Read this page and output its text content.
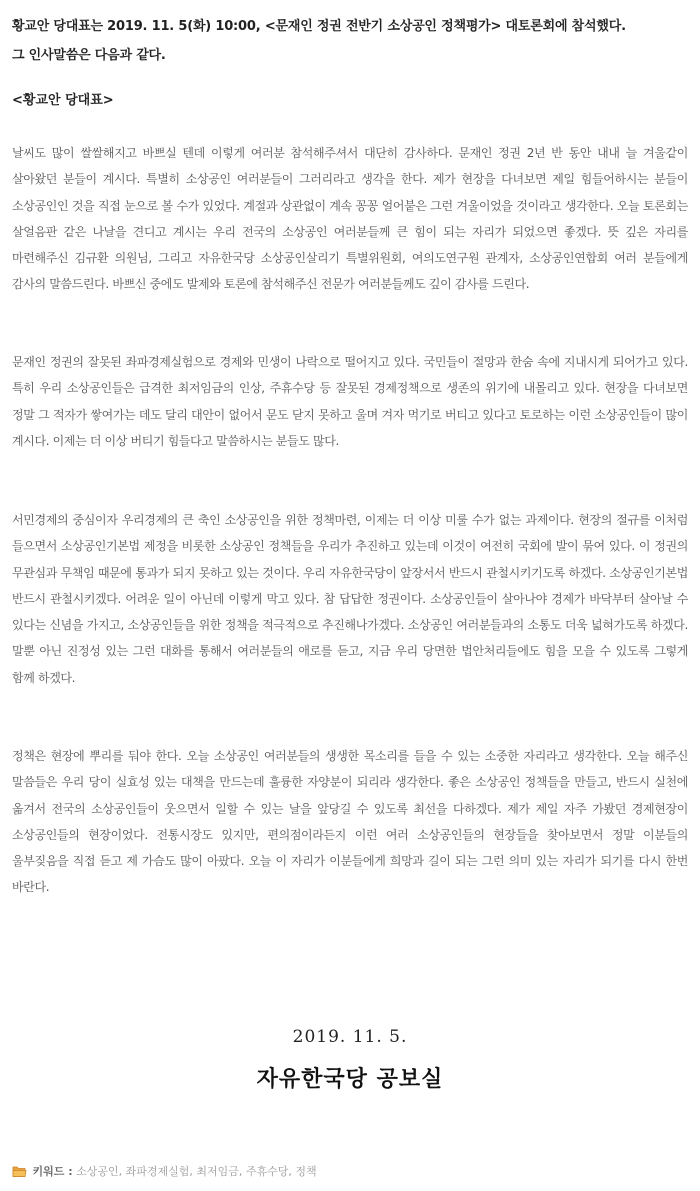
황교안 당대표는 2019. 11. 5(화) 10:00, <문재인 정권 전반기 소상공인 정책평가> 대토론회에 참석했다.

그 인사말씀은 다음과 같다.

<황교안 당대표>

날씨도 많이 쌀쌀해지고 바쁘실 텐데 이렇게 여러분 참석해주셔서 대단히 감사하다. 문재인 정권 2년 반 동안 내내 늘 겨울같이 살아왔던 분들이 계시다. 특별히 소상공인 여러분들이 그러리라고 생각을 한다. 제가 현장을 다녀보면 제일 힘들어하시는 분들이 소상공인인 것을 직접 눈으로 볼 수가 있었다. 계절과 상관없이 계속 꽁꽁 얼어붙은 그런 겨울이었을 것이라고 생각한다. 오늘 토론회는 살얼음판 같은 나날을 견디고 계시는 우리 전국의 소상공인 여러분들께 큰 힘이 되는 자리가 되었으면 좋겠다. 뜻 깊은 자리를 마련해주신 김규환 의원님, 그리고 자유한국당 소상공인살리기 특별위원회, 여의도연구원 관계자, 소상공인연합회 여러 분들에게 감사의 말씀드린다. 바쁘신 중에도 발제와 토론에 참석해주신 전문가 여러분들께도 깊이 감사를 드린다.

문재인 정권의 잘못된 좌파경제실험으로 경제와 민생이 나락으로 떨어지고 있다. 국민들이 절망과 한숨 속에 지내시게 되어가고 있다. 특히 우리 소상공인들은 급격한 최저임금의 인상, 주휴수당 등 잘못된 경제정책으로 생존의 위기에 내몰리고 있다. 현장을 다녀보면 정말 그 적자가 쌓여가는 데도 달리 대안이 없어서 문도 닫지 못하고 울며 겨자 먹기로 버티고 있다고 토로하는 이런 소상공인들이 많이 계시다. 이제는 더 이상 버티기 힘들다고 말씀하시는 분들도 많다.

서민경제의 중심이자 우리경제의 큰 축인 소상공인을 위한 정책마련, 이제는 더 이상 미룰 수가 없는 과제이다. 현장의 절규를 이처럼 들으면서 소상공인기본법 제정을 비롯한 소상공인 정책들을 우리가 추진하고 있는데 이것이 여전히 국회에 발이 묶여 있다. 이 정권의 무관심과 무책임 때문에 통과가 되지 못하고 있는 것이다. 우리 자유한국당이 앞장서서 반드시 관철시키기도록 하겠다. 소상공인기본법 반드시 관철시키겠다. 어려운 일이 아닌데 이렇게 막고 있다. 참 답답한 정권이다. 소상공인들이 살아나야 경제가 바닥부터 살아날 수 있다는 신념을 가지고, 소상공인들을 위한 정책을 적극적으로 추진해나가겠다. 소상공인 여러분들과의 소통도 더욱 넓혀가도록 하겠다. 말뿐 아닌 진정성 있는 그런 대화를 통해서 여러분들의 애로를 듣고, 지금 우리 당면한 법안처리들에도 힘을 모을 수 있도록 그렇게 함께 하겠다.

정책은 현장에 뿌리를 둬야 한다. 오늘 소상공인 여러분들의 생생한 목소리를 들을 수 있는 소중한 자리라고 생각한다. 오늘 해주신 말씀들은 우리 당이 실효성 있는 대책을 만드는데 훌륭한 자양분이 되리라 생각한다. 좋은 소상공인 정책들을 만들고, 반드시 실천에 옮겨서 전국의 소상공인들이 웃으면서 일할 수 있는 날을 앞당길 수 있도록 최선을 다하겠다. 제가 제일 자주 가봤던 경제현장이 소상공인들의 현장이었다. 전통시장도 있지만, 편의점이라든지 이런 여러 소상공인들의 현장들을 찾아보면서 정말 이분들의 울부짖음을 직접 듣고 제 가슴도 많이 아팠다. 오늘 이 자리가 이분들에게 희망과 길이 되는 그런 의미 있는 자리가 되기를 다시 한번 바란다.

2019. 11. 5.
자유한국당 공보실
키워드 : 소상공인, 좌파경제실험, 최저임금, 주휴수당, 정책
